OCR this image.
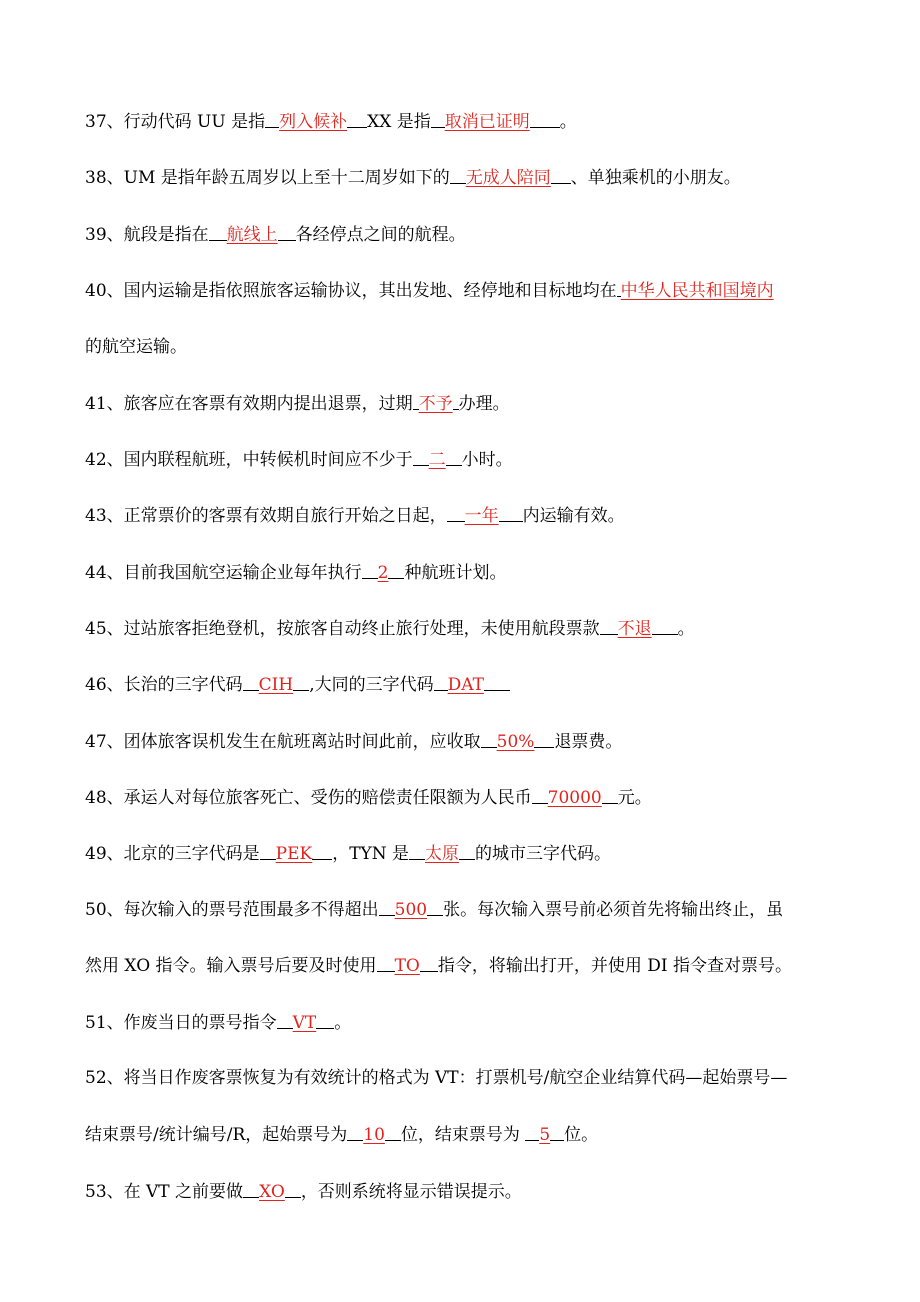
37、行动代码 UU 是指 列入候补 XX 是指 取消已证明 。
38、UM 是指年龄五周岁以上至十二周岁如下的 无成人陪同 、单独乘机的小朋友。
39、航段是指在 航线上 各经停点之间的航程。
40、国内运输是指依照旅客运输协议，其出发地、经停地和目标地均在 中华人民共和国境内
的航空运输。
41、旅客应在客票有效期内提出退票，过期 不予 办理。
42、国内联程航班，中转候机时间应不少于 二 小时。
43、正常票价的客票有效期自旅行开始之日起， 一年 内运输有效。
44、目前我国航空运输企业每年执行 2 种航班计划。
45、过站旅客拒绝登机，按旅客自动终止旅行处理，未使用航段票款 不退 。
46、长治的三字代码 CIH ,大同的三字代码 DAT
47、团体旅客误机发生在航班离站时间此前，应收取 50% 退票费。
48、承运人对每位旅客死亡、受伤的赔偿责任限额为人民币 70000 元。
49、北京的三字代码是 PEK ，TYN 是 太原 的城市三字代码。
50、每次输入的票号范围最多不得超出 500 张。每次输入票号前必须首先将输出终止，虽
然用 XO 指令。输入票号后要及时使用 TO 指令，将输出打开，并使用 DI 指令查对票号。
51、作废当日的票号指令 VT 。
52、将当日作废客票恢复为有效统计的格式为 VT：打票机号/航空企业结算代码—起始票号—
结束票号/统计编号/R，起始票号为 10 位，结束票号为 5 位。
53、在 VT 之前要做 XO ，否则系统将显示错误提示。
